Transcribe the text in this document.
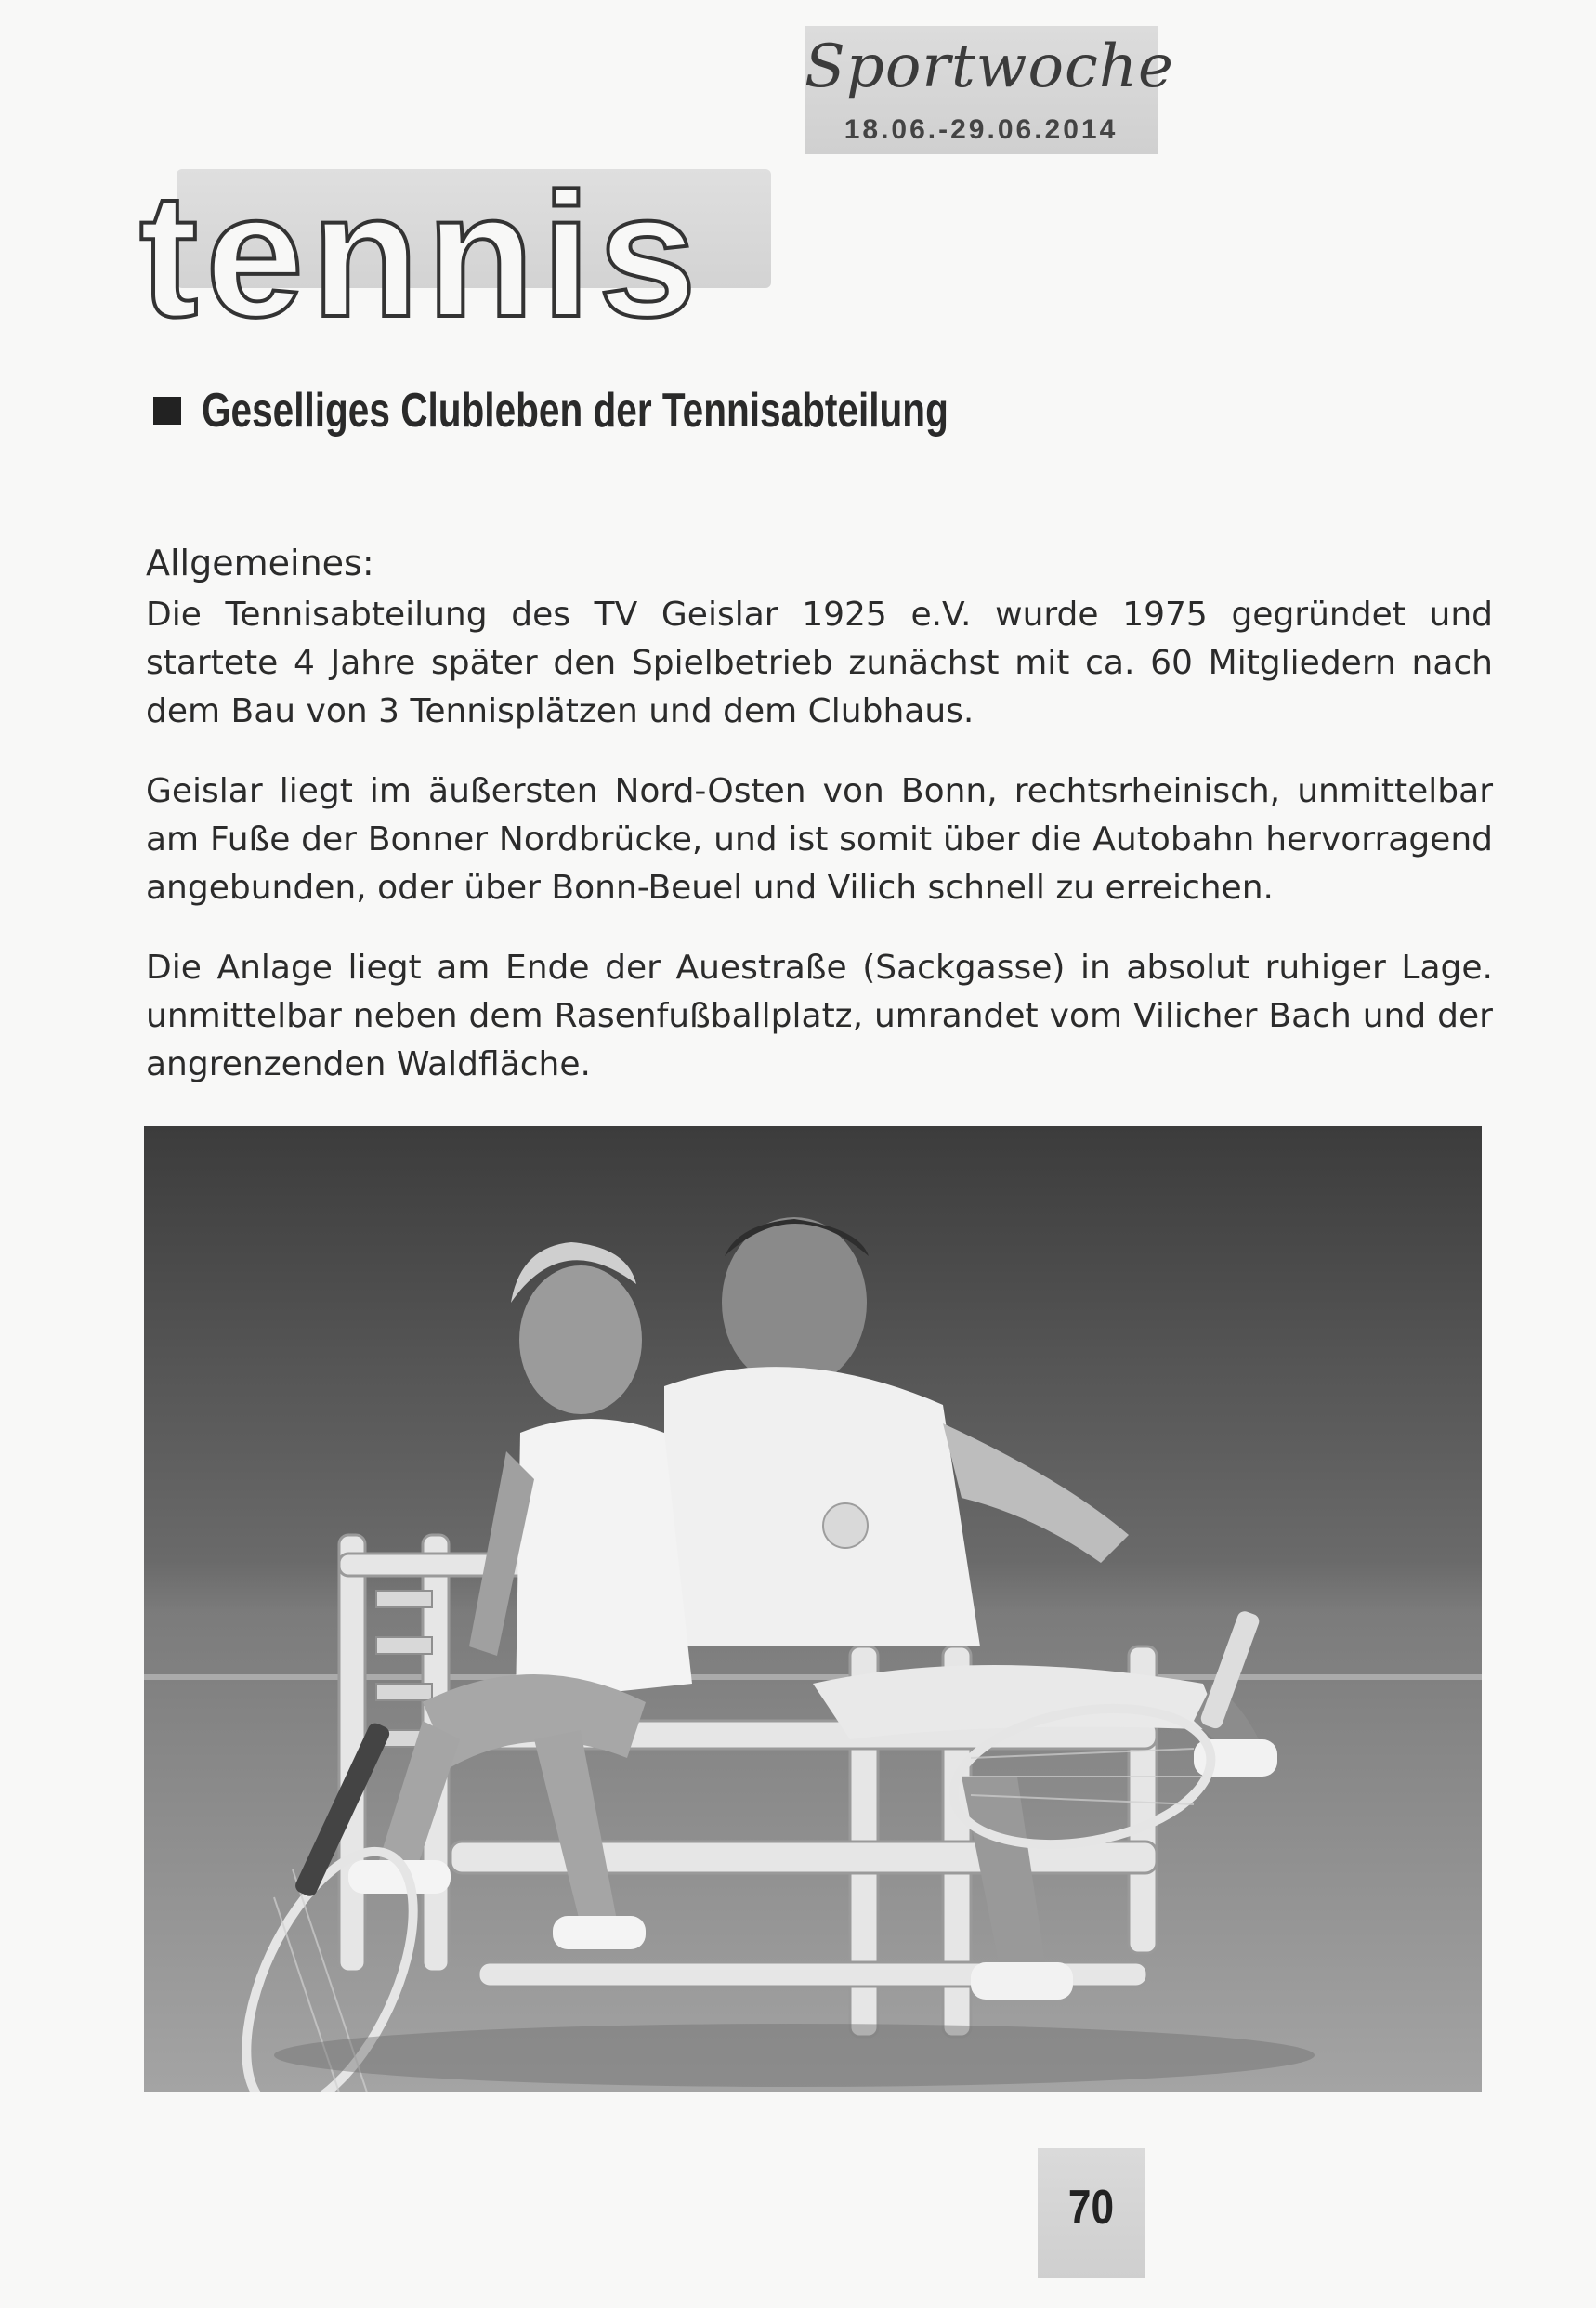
Sportwoche
18.06.-29.06.2014
tennis
Geselliges Clubleben der Tennisabteilung
Allgemeines:

Die Tennisabteilung des TV Geislar 1925 e.V. wurde 1975 gegründet und startete 4 Jahre später den Spielbetrieb zunächst mit ca. 60 Mitgliedern nach dem Bau von 3 Tennisplätzen und dem Clubhaus.

Geislar liegt im äußersten Nord-Osten von Bonn, rechtsrheinisch, unmittelbar am Fuße der Bonner Nordbrücke, und ist somit über die Autobahn hervorragend angebunden, oder über Bonn-Beuel und Vilich schnell zu erreichen.

Die Anlage liegt am Ende der Auestraße (Sackgasse) in absolut ruhiger Lage. unmittelbar neben dem Rasenfußballplatz, umrandet vom Vilicher Bach und der angrenzenden Waldfläche.

70
